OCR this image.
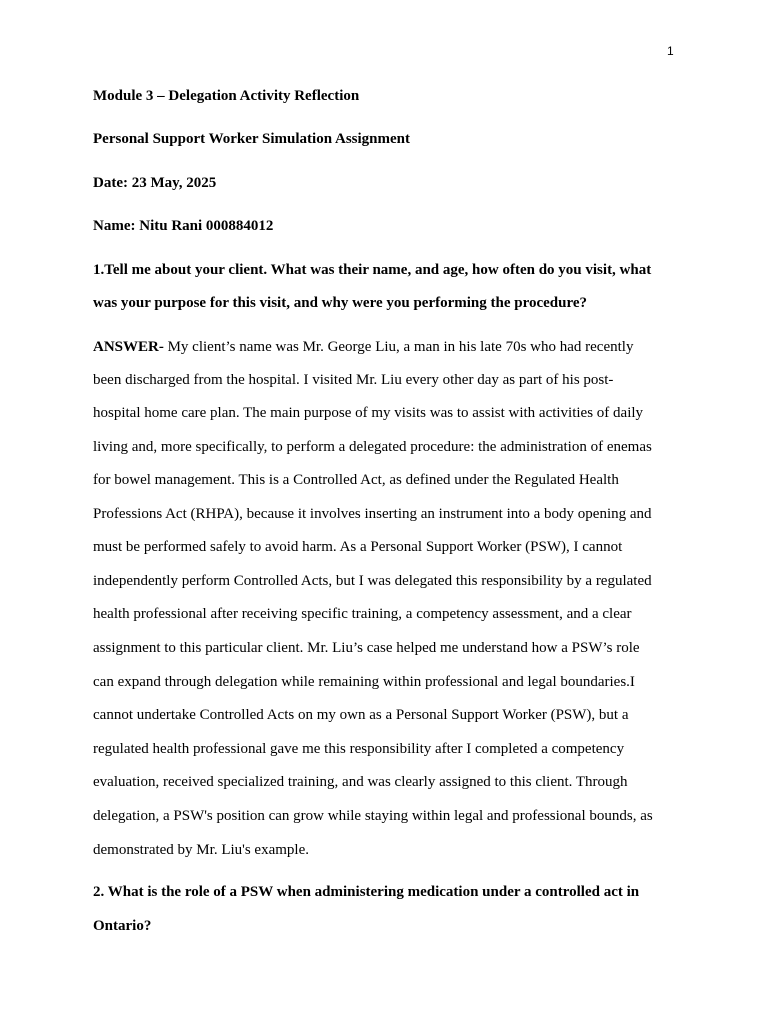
1
Module 3 – Delegation Activity Reflection
Personal Support Worker Simulation Assignment
Date: 23 May, 2025
Name: Nitu Rani 000884012
1.Tell me about your client. What was their name, and age, how often do you visit, what
was your purpose for this visit, and why were you performing the procedure?
ANSWER- My client’s name was Mr. George Liu, a man in his late 70s who had recently
been discharged from the hospital. I visited Mr. Liu every other day as part of his post-
hospital home care plan. The main purpose of my visits was to assist with activities of daily
living and, more specifically, to perform a delegated procedure: the administration of enemas
for bowel management. This is a Controlled Act, as defined under the Regulated Health
Professions Act (RHPA), because it involves inserting an instrument into a body opening and
must be performed safely to avoid harm. As a Personal Support Worker (PSW), I cannot
independently perform Controlled Acts, but I was delegated this responsibility by a regulated
health professional after receiving specific training, a competency assessment, and a clear
assignment to this particular client. Mr. Liu’s case helped me understand how a PSW’s role
can expand through delegation while remaining within professional and legal boundaries.I
cannot undertake Controlled Acts on my own as a Personal Support Worker (PSW), but a
regulated health professional gave me this responsibility after I completed a competency
evaluation, received specialized training, and was clearly assigned to this client. Through
delegation, a PSW's position can grow while staying within legal and professional bounds, as
demonstrated by Mr. Liu's example.
2. What is the role of a PSW when administering medication under a controlled act in
Ontario?
